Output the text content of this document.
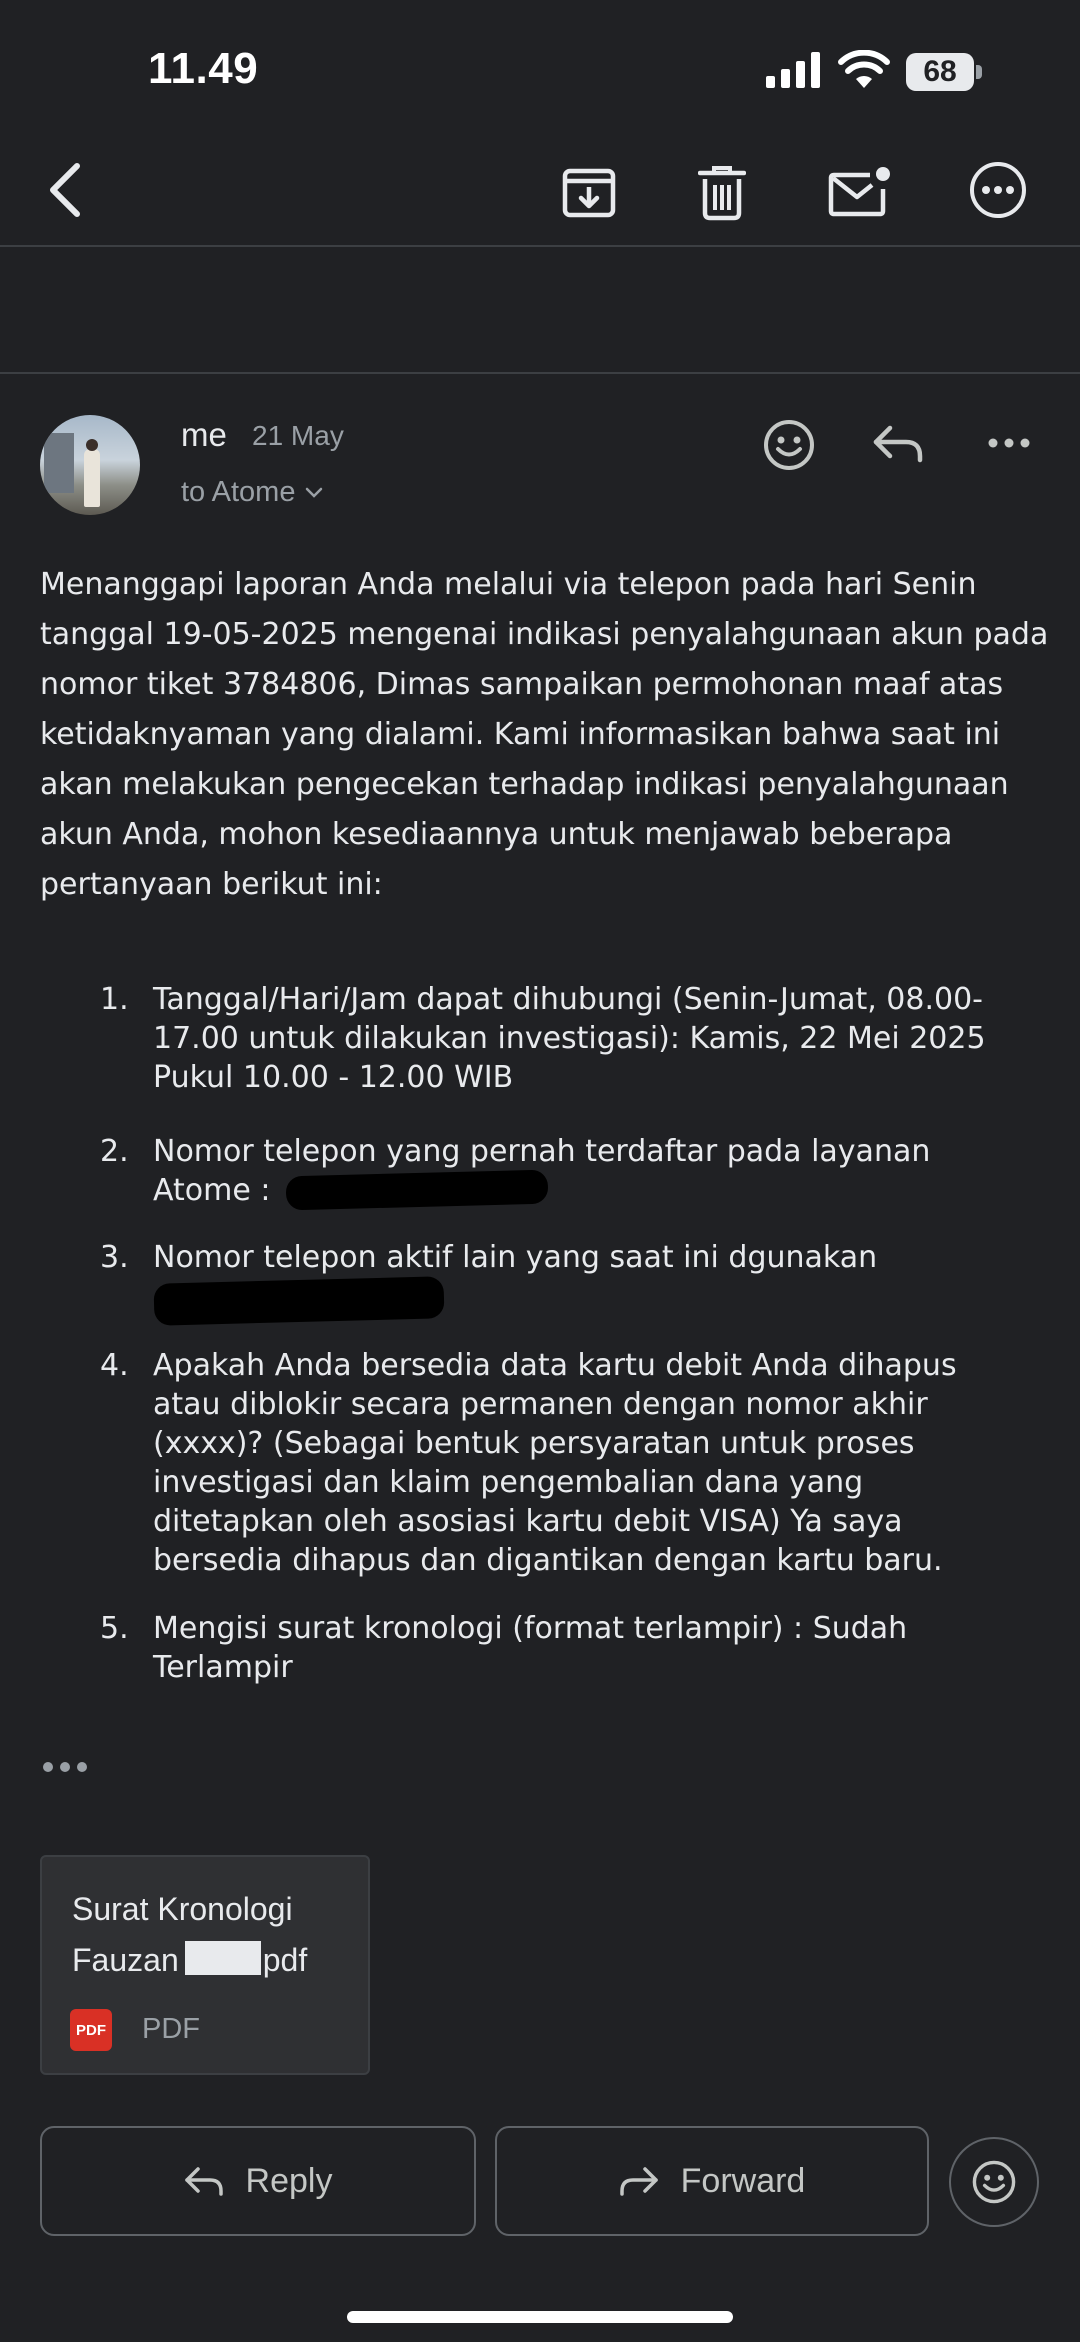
11.49	68
me 21 May
to Atome
Menanggapi laporan Anda melalui via telepon pada hari Senin tanggal 19-05-2025 mengenai indikasi penyalahgunaan akun pada nomor tiket 3784806, Dimas sampaikan permohonan maaf atas ketidaknyaman yang dialami. Kami informasikan bahwa saat ini akan melakukan pengecekan terhadap indikasi penyalahgunaan akun Anda, mohon kesediaannya untuk menjawab beberapa pertanyaan berikut ini:
1. Tanggal/Hari/Jam dapat dihubungi (Senin-Jumat, 08.00-17.00 untuk dilakukan investigasi): Kamis, 22 Mei 2025 Pukul 10.00 - 12.00 WIB
2. Nomor telepon yang pernah terdaftar pada layanan Atome :
3. Nomor telepon aktif lain yang saat ini dgunakan
4. Apakah Anda bersedia data kartu debit Anda dihapus atau diblokir secara permanen dengan nomor akhir (xxxx)? (Sebagai bentuk persyaratan untuk proses investigasi dan klaim pengembalian dana yang ditetapkan oleh asosiasi kartu debit VISA) Ya saya bersedia dihapus dan digantikan dengan kartu baru.
5. Mengisi surat kronologi (format terlampir) : Sudah Terlampir
Surat Kronologi
Fauzan	pdf
PDF PDF
Reply	Forward
